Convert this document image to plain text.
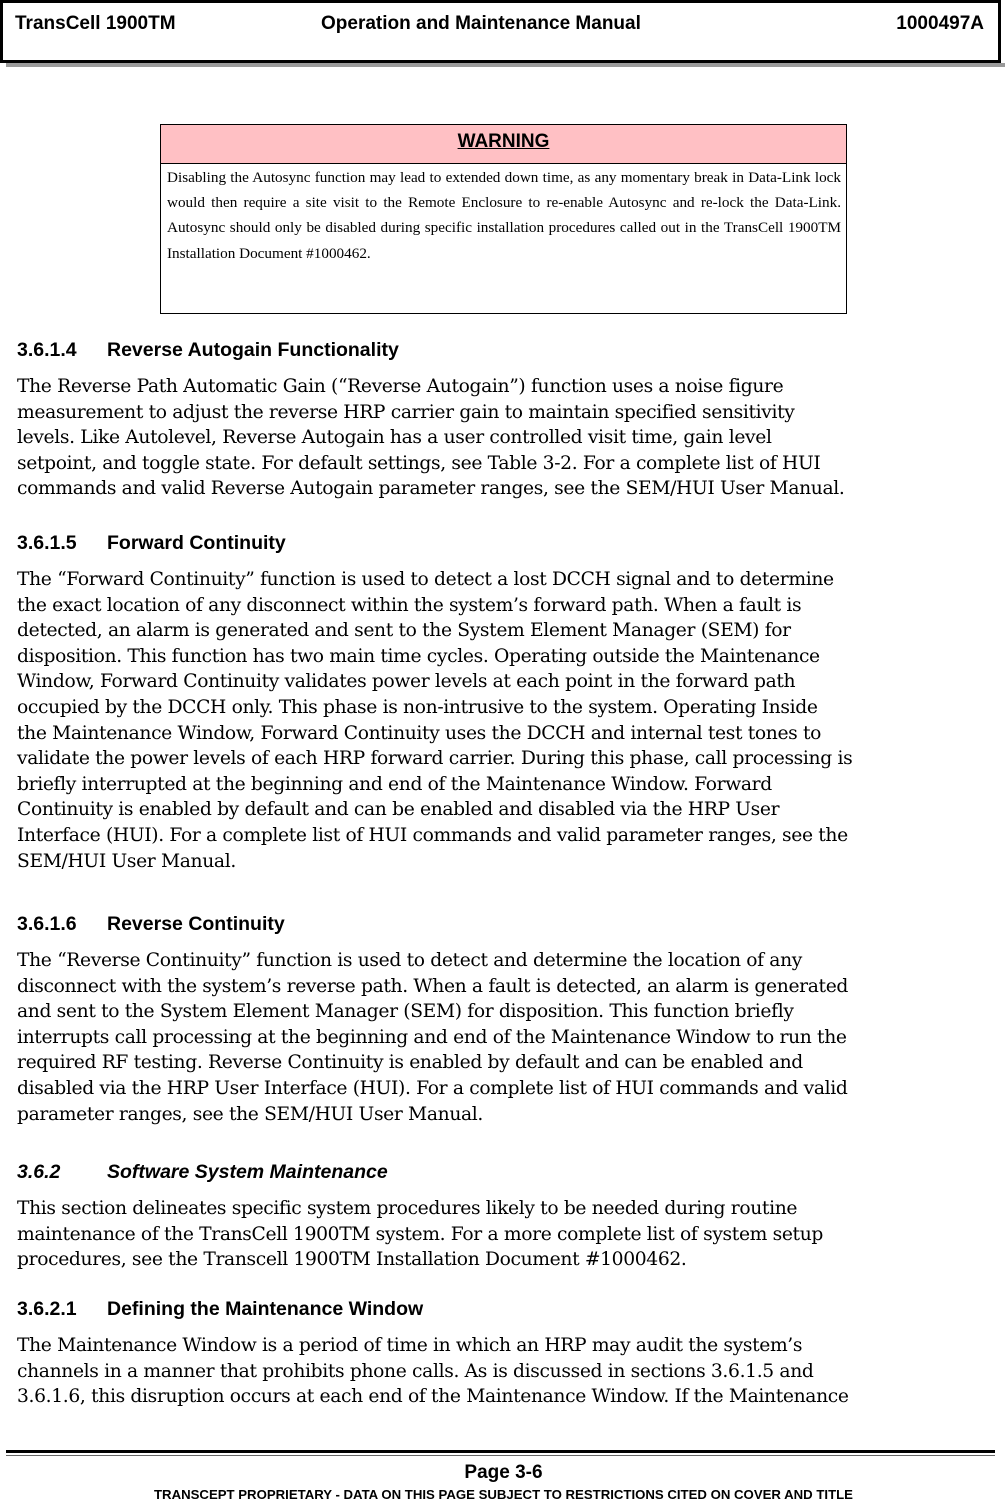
TransCell 1900TM	Operation and Maintenance Manual	1000497A
WARNING
Disabling the Autosync function may lead to extended down time, as any momentary break in Data-Link lock would then require a site visit to the Remote Enclosure to re-enable Autosync and re-lock the Data-Link. Autosync should only be disabled during specific installation procedures called out in the TransCell 1900TM Installation Document #1000462.
3.6.1.4 Reverse Autogain Functionality

The Reverse Path Automatic Gain (“Reverse Autogain”) function uses a noise figure
measurement to adjust the reverse HRP carrier gain to maintain specified sensitivity
levels. Like Autolevel, Reverse Autogain has a user controlled visit time, gain level
setpoint, and toggle state. For default settings, see Table 3-2. For a complete list of HUI
commands and valid Reverse Autogain parameter ranges, see the SEM/HUI User Manual.

3.6.1.5 Forward Continuity

The “Forward Continuity” function is used to detect a lost DCCH signal and to determine
the exact location of any disconnect within the system’s forward path. When a fault is
detected, an alarm is generated and sent to the System Element Manager (SEM) for
disposition. This function has two main time cycles. Operating outside the Maintenance
Window, Forward Continuity validates power levels at each point in the forward path
occupied by the DCCH only. This phase is non-intrusive to the system. Operating Inside
the Maintenance Window, Forward Continuity uses the DCCH and internal test tones to
validate the power levels of each HRP forward carrier. During this phase, call processing is
briefly interrupted at the beginning and end of the Maintenance Window. Forward
Continuity is enabled by default and can be enabled and disabled via the HRP User
Interface (HUI). For a complete list of HUI commands and valid parameter ranges, see the
SEM/HUI User Manual.

3.6.1.6 Reverse Continuity

The “Reverse Continuity” function is used to detect and determine the location of any
disconnect with the system’s reverse path. When a fault is detected, an alarm is generated
and sent to the System Element Manager (SEM) for disposition. This function briefly
interrupts call processing at the beginning and end of the Maintenance Window to run the
required RF testing. Reverse Continuity is enabled by default and can be enabled and
disabled via the HRP User Interface (HUI). For a complete list of HUI commands and valid
parameter ranges, see the SEM/HUI User Manual.

3.6.2 Software System Maintenance

This section delineates specific system procedures likely to be needed during routine
maintenance of the TransCell 1900TM system. For a more complete list of system setup
procedures, see the Transcell 1900TM Installation Document #1000462.

3.6.2.1 Defining the Maintenance Window

The Maintenance Window is a period of time in which an HRP may audit the system’s
channels in a manner that prohibits phone calls. As is discussed in sections 3.6.1.5 and
3.6.1.6, this disruption occurs at each end of the Maintenance Window. If the Maintenance

Page 3-6
TRANSCEPT PROPRIETARY - DATA ON THIS PAGE SUBJECT TO RESTRICTIONS CITED ON COVER AND TITLE
